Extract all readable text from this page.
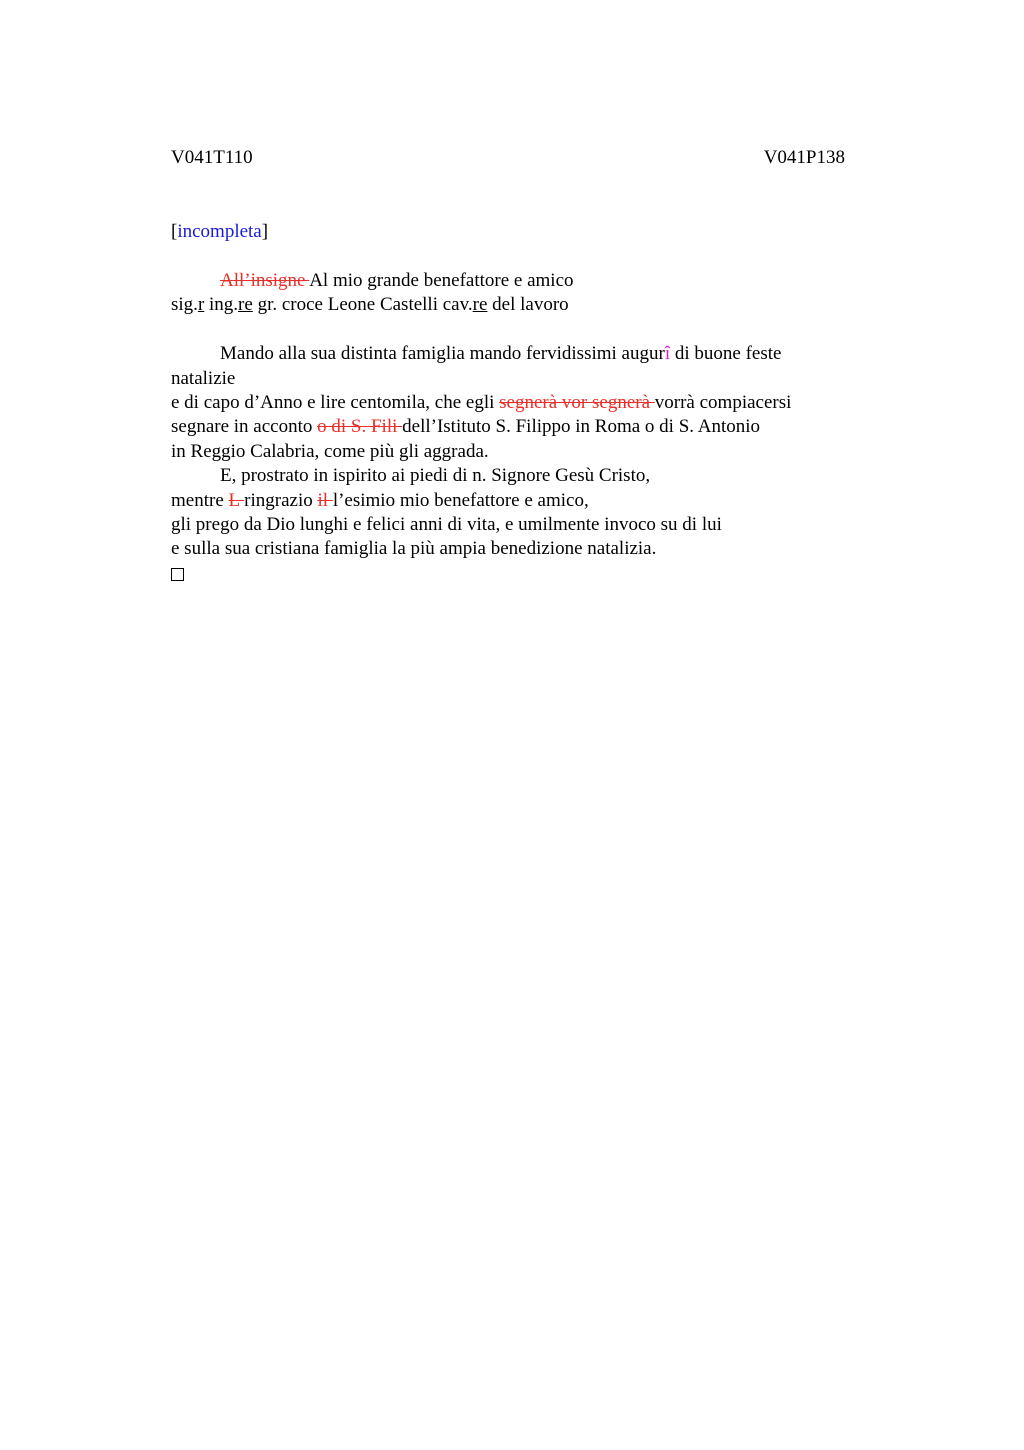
V041T110	V041P138
[incompleta]
All’insigne Al mio grande benefattore e amico
sig.r ing.re gr. croce Leone Castelli cav.re del lavoro
Mando alla sua distinta famiglia mando fervidissimi augurî di buone feste
natalizie
e di capo d’Anno e lire centomila, che egli segnerà vor segnerà vorrà compiacersi
segnare in acconto o di S. Fili dell’Istituto S. Filippo in Roma o di S. Antonio
in Reggio Calabria, come più gli aggrada.
E, prostrato in ispirito ai piedi di n. Signore Gesù Cristo,
mentre L ringrazio il l’esimio mio benefattore e amico,
gli prego da Dio lunghi e felici anni di vita, e umilmente invoco su di lui
e sulla sua cristiana famiglia la più ampia benedizione natalizia.
